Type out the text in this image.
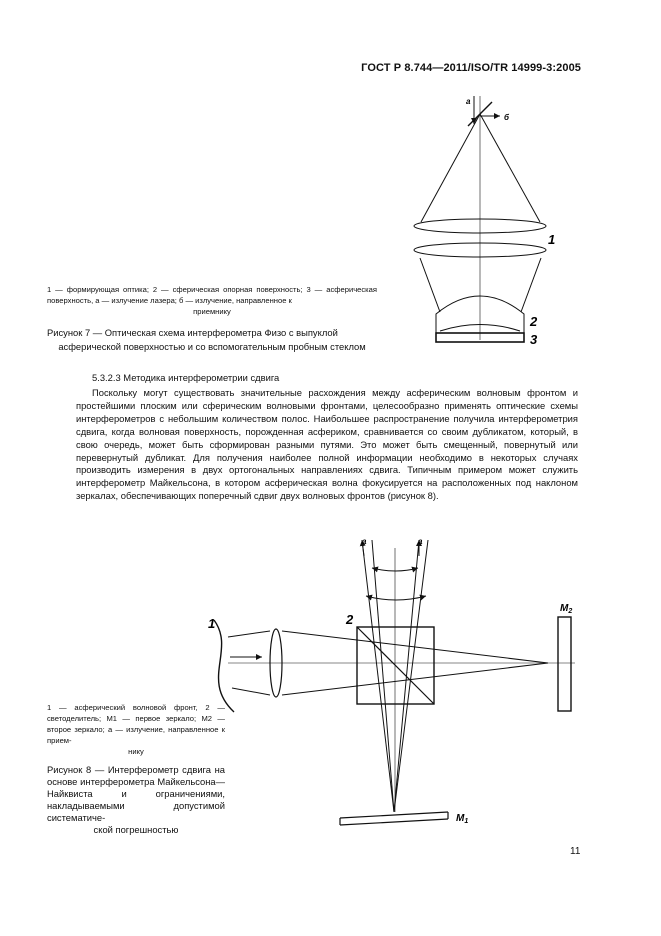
ГОСТ Р 8.744—2011/ISO/TR 14999-3:2005
а
б
1
2
3
1 — формирующая оптика; 2 — сферическая опорная поверхность; 3 — асферическая поверхность, а — излучение лазера; б — излучение, направленное к
приемнику
Рисунок 7 — Оптическая схема интерферометра Физо с выпуклой
асферической поверхностью и со вспомогательным пробным стеклом
5.3.2.3 Методика интерферометрии сдвига

Поскольку могут существовать значительные расхождения между асферическим волновым фронтом и простейшими плоским или сферическим волновыми фронтами, целесообразно применять оптические схемы интерферометров с небольшим количеством полос. Наибольшее распространение получила интерферометрия сдвига, когда волновая поверхность, порожденная асфериком, сравнивается со своим дубликатом, который, в свою очередь, может быть сформирован разными путями. Это может быть смещенный, повернутый или перевернутый дубликат. Для получения наиболее полной информации необходимо в некоторых случаях производить измерения в двух ортогональных направлениях сдвига. Типичным примером может служить интерферометр Майкельсона, в котором асферическая волна фокусируется на расположенных под наклоном зеркалах, обеспечивающих поперечный сдвиг двух волновых фронтов (рисунок 8).

1	2
а	а
$M_2$
$M_1$
1 — асферический волновой фронт, 2 — светоделитель; M1 — первое зеркало; M2 — второе зеркало; а — излучение, направленное к прием-
нику
Рисунок 8 — Интерферометр сдвига на основе интерферометра Майкельсона—Найквиста и ограничениями, накладываемыми допустимой систематиче-
ской погрешностью
11
